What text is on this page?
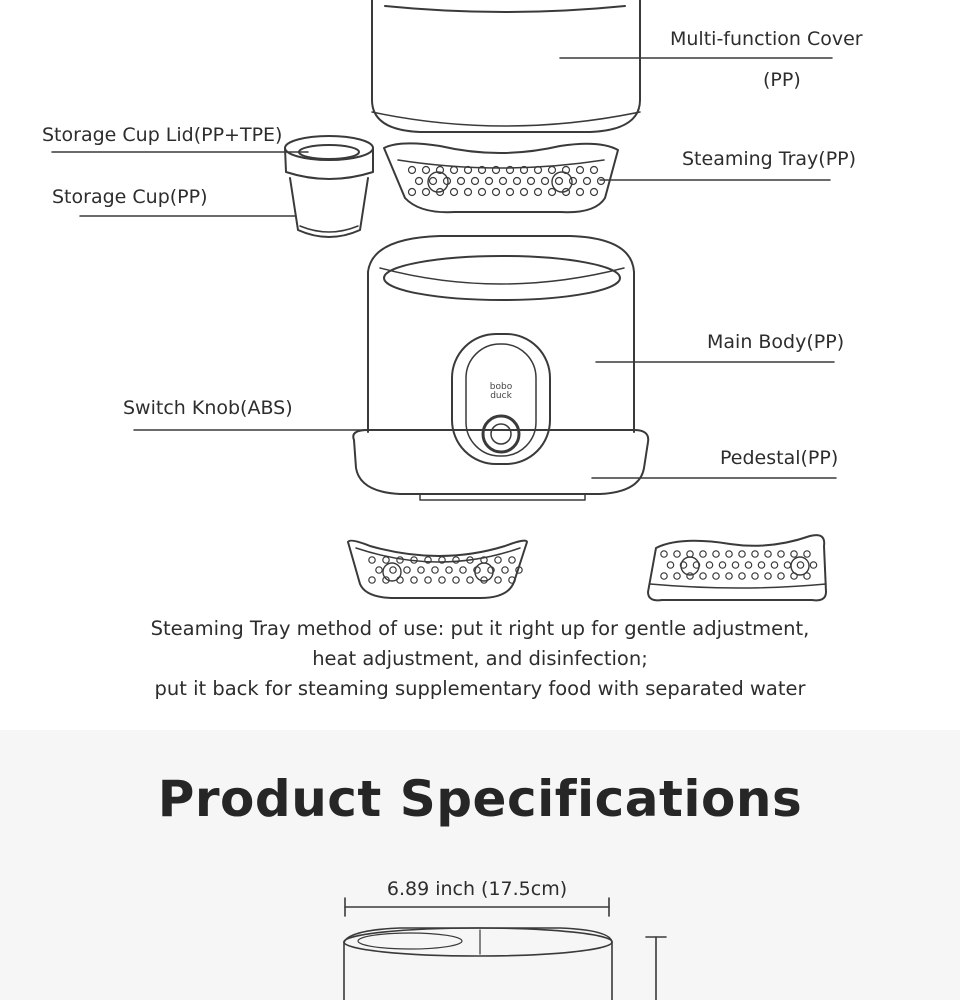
Multi-function Cover
(PP)
Storage Cup Lid(PP+TPE)
Storage Cup(PP)
Steaming Tray(PP)
Main Body(PP)
Switch Knob(ABS)
Pedestal(PP)
bobo
duck
Steaming Tray method of use: put it right up for gentle adjustment,
heat adjustment, and disinfection;
put it back for steaming supplementary food with separated water
Product Specifications
6.89 inch (17.5cm)
